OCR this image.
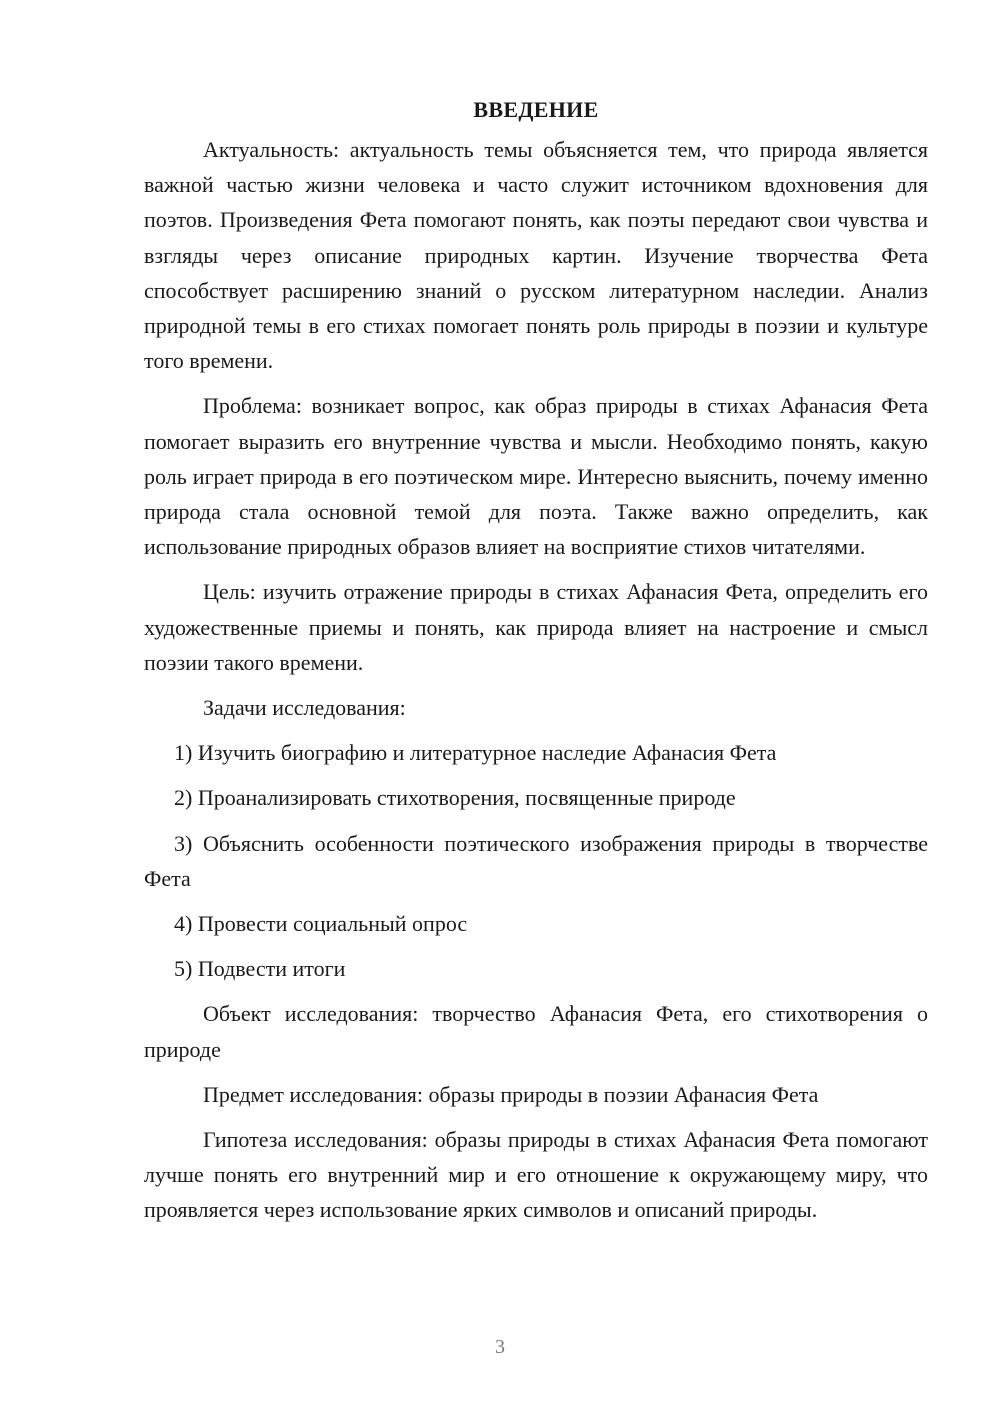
ВВЕДЕНИЕ

Актуальность: актуальность темы объясняется тем, что природа является важной частью жизни человека и часто служит источником вдохновения для поэтов. Произведения Фета помогают понять, как поэты передают свои чувства и взгляды через описание природных картин. Изучение творчества Фета способствует расширению знаний о русском литературном наследии. Анализ природной темы в его стихах помогает понять роль природы в поэзии и культуре того времени.

Проблема: возникает вопрос, как образ природы в стихах Афанасия Фета помогает выразить его внутренние чувства и мысли. Необходимо понять, какую роль играет природа в его поэтическом мире. Интересно выяснить, почему именно природа стала основной темой для поэта. Также важно определить, как использование природных образов влияет на восприятие стихов читателями.

Цель: изучить отражение природы в стихах Афанасия Фета, определить его художественные приемы и понять, как природа влияет на настроение и смысл поэзии такого времени.

Задачи исследования:

1) Изучить биографию и литературное наследие Афанасия Фета

2) Проанализировать стихотворения, посвященные природе

3) Объяснить особенности поэтического изображения природы в творчестве Фета

4) Провести социальный опрос

5) Подвести итоги

Объект исследования: творчество Афанасия Фета, его стихотворения о природе

Предмет исследования: образы природы в поэзии Афанасия Фета

Гипотеза исследования: образы природы в стихах Афанасия Фета помогают лучше понять его внутренний мир и его отношение к окружающему миру, что проявляется через использование ярких символов и описаний природы.

3
